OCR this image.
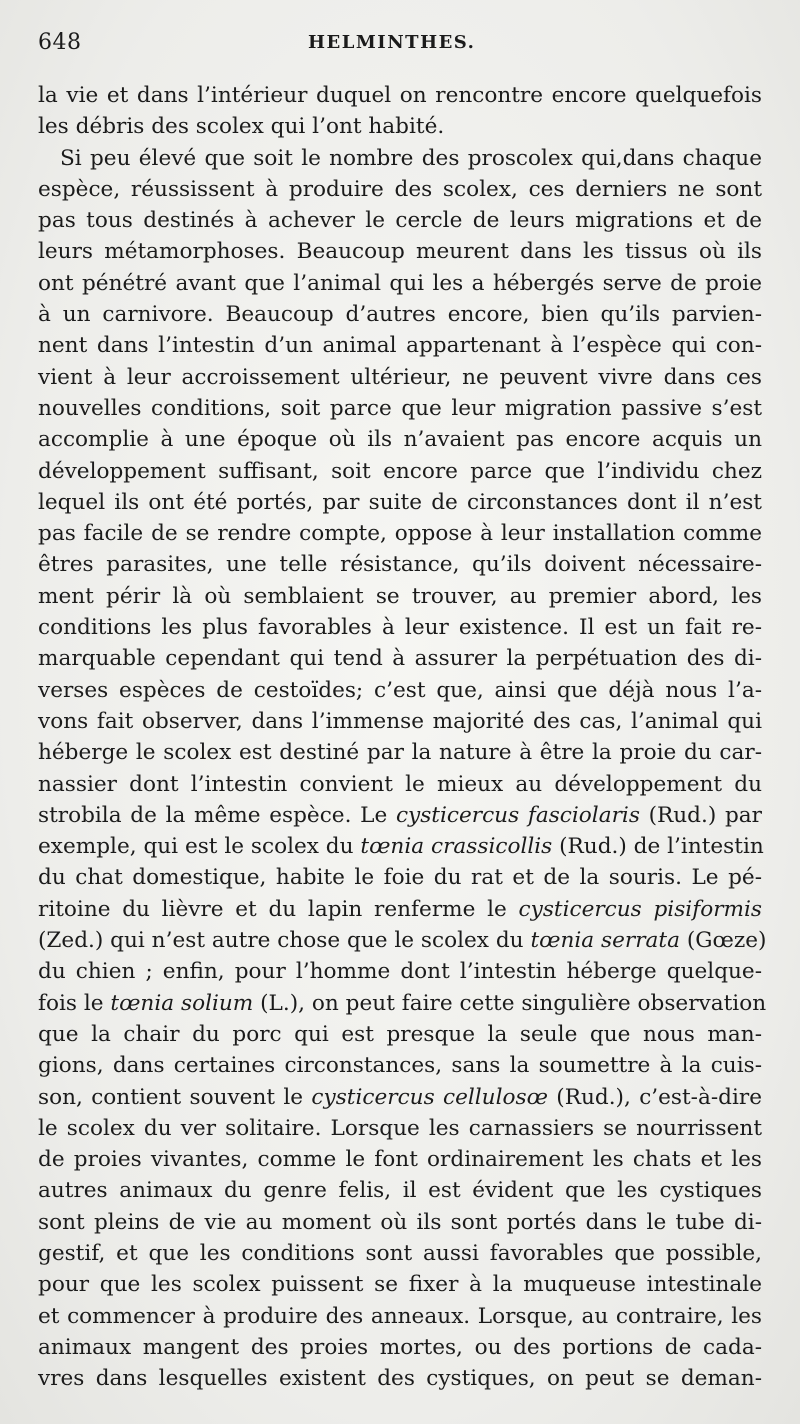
648	HELMINTHES.
la vie et dans l’intérieur duquel on rencontre encore quelquefois
les débris des scolex qui l’ont habité.
Si peu élevé que soit le nombre des proscolex qui,dans chaque
espèce, réussissent à produire des scolex, ces derniers ne sont
pas tous destinés à achever le cercle de leurs migrations et de
leurs métamorphoses. Beaucoup meurent dans les tissus où ils
ont pénétré avant que l’animal qui les a hébergés serve de proie
à un carnivore. Beaucoup d’autres encore, bien qu’ils parvien-
nent dans l’intestin d’un animal appartenant à l’espèce qui con-
vient à leur accroissement ultérieur, ne peuvent vivre dans ces
nouvelles conditions, soit parce que leur migration passive s’est
accomplie à une époque où ils n’avaient pas encore acquis un
développement suffisant, soit encore parce que l’individu chez
lequel ils ont été portés, par suite de circonstances dont il n’est
pas facile de se rendre compte, oppose à leur installation comme
êtres parasites, une telle résistance, qu’ils doivent nécessaire-
ment périr là où semblaient se trouver, au premier abord, les
conditions les plus favorables à leur existence. Il est un fait re-
marquable cependant qui tend à assurer la perpétuation des di-
verses espèces de cestoïdes; c’est que, ainsi que déjà nous l’a-
vons fait observer, dans l’immense majorité des cas, l’animal qui
héberge le scolex est destiné par la nature à être la proie du car-
nassier dont l’intestin convient le mieux au développement du
strobila de la même espèce. Le cysticercus fasciolaris (Rud.) par
exemple, qui est le scolex du tœnia crassicollis (Rud.) de l’intestin
du chat domestique, habite le foie du rat et de la souris. Le pé-
ritoine du lièvre et du lapin renferme le cysticercus pisiformis
(Zed.) qui n’est autre chose que le scolex du tœnia serrata (Gœze)
du chien ; enfin, pour l’homme dont l’intestin héberge quelque-
fois le tœnia solium (L.), on peut faire cette singulière observation
que la chair du porc qui est presque la seule que nous man-
gions, dans certaines circonstances, sans la soumettre à la cuis-
son, contient souvent le cysticercus cellulosœ (Rud.), c’est-à-dire
le scolex du ver solitaire. Lorsque les carnassiers se nourrissent
de proies vivantes, comme le font ordinairement les chats et les
autres animaux du genre felis, il est évident que les cystiques
sont pleins de vie au moment où ils sont portés dans le tube di-
gestif, et que les conditions sont aussi favorables que possible,
pour que les scolex puissent se fixer à la muqueuse intestinale
et commencer à produire des anneaux. Lorsque, au contraire, les
animaux mangent des proies mortes, ou des portions de cada-
vres dans lesquelles existent des cystiques, on peut se deman-
